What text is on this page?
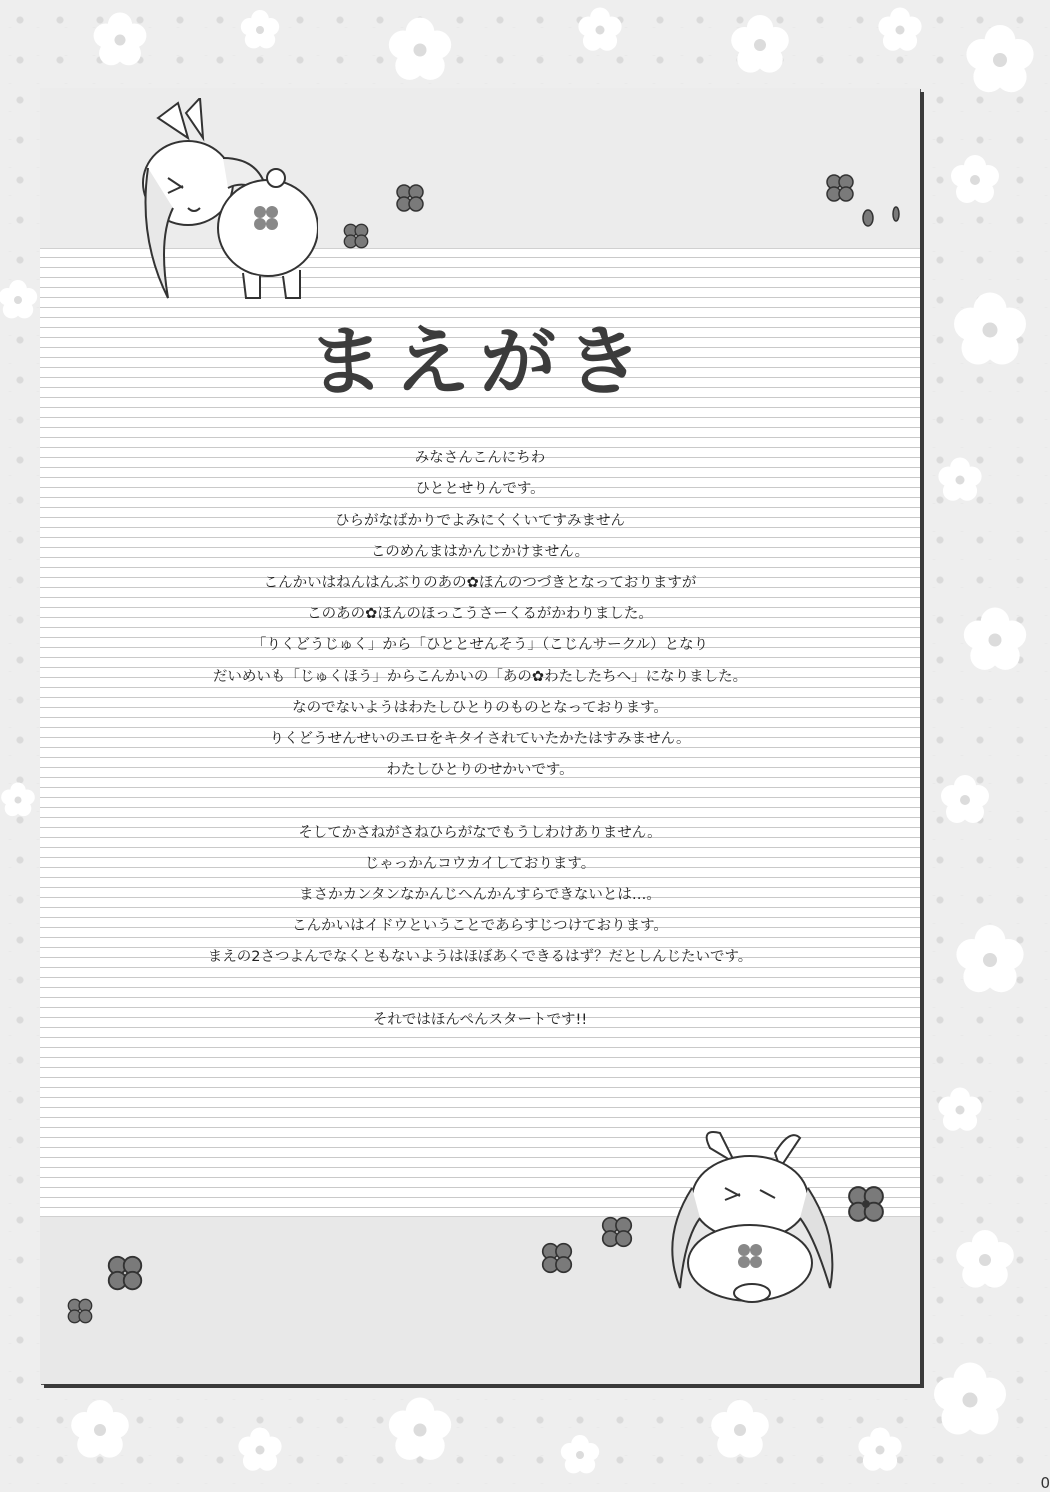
まえがき
みなさんこんにちわ
ひととせりんです。
ひらがなばかりでよみにくくいてすみません
このめんまはかんじかけません。
こんかいはねんはんぶりのあの✿ほんのつづきとなっておりますが
このあの✿ほんのほっこうさーくるがかわりました。
「りくどうじゅく」から「ひととせんそう」（こじんサークル）となり
だいめいも「じゅくほう」からこんかいの「あの✿わたしたちへ」になりました。
なのでないようはわたしひとりのものとなっております。
りくどうせんせいのエロをキタイされていたかたはすみません。
わたしひとりのせかいです。
そしてかさねがさねひらがなでもうしわけありません。
じゃっかんコウカイしております。
まさかカンタンなかんじへんかんすらできないとは…。
こんかいはイドウということであらすじつけております。
まえの2さつよんでなくともないようはほぼあくできるはず？だとしんじたいです。
それではほんぺんスタートです!!
0
